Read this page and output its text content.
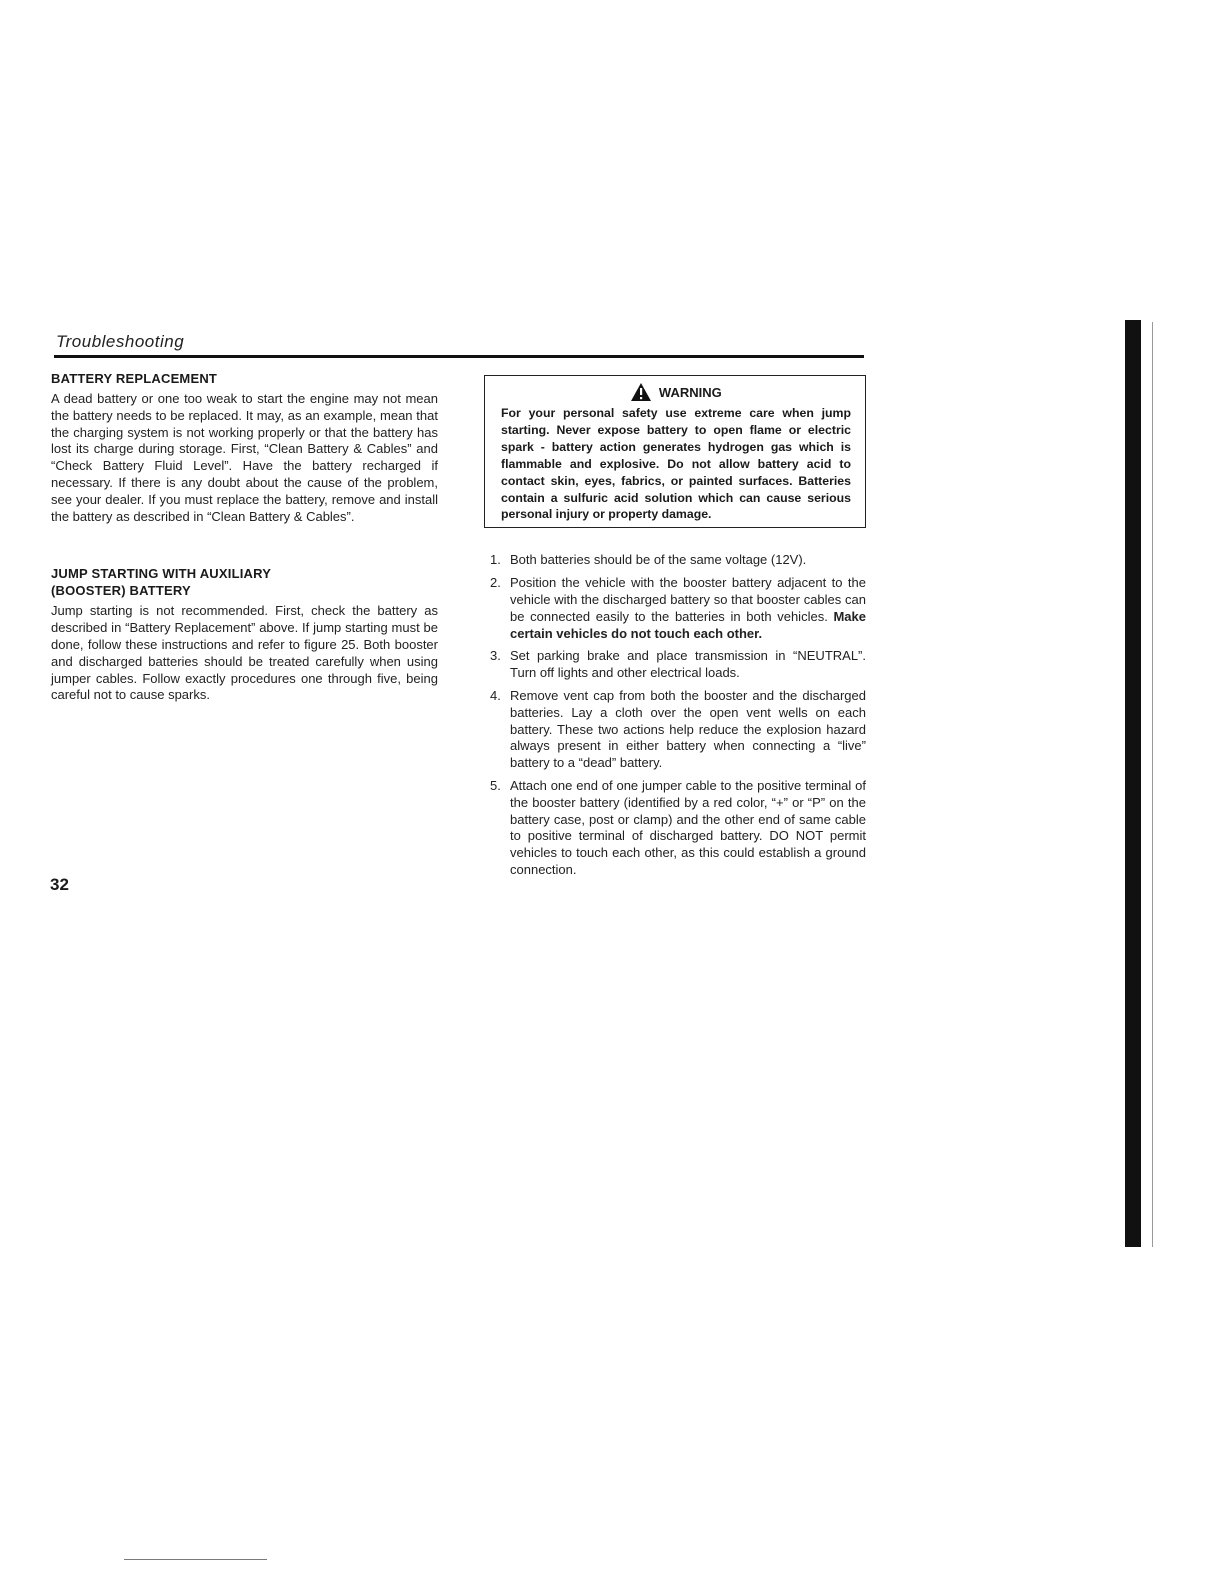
Troubleshooting
BATTERY REPLACEMENT

A dead battery or one too weak to start the engine may not mean the battery needs to be replaced. It may, as an example, mean that the charging system is not working properly or that the battery has lost its charge during storage. First, “Clean Battery & Cables” and “Check Battery Fluid Level”. Have the battery recharged if necessary. If there is any doubt about the cause of the problem, see your dealer. If you must replace the battery, remove and install the battery as described in “Clean Battery & Cables”.

JUMP STARTING WITH AUXILIARY
(BOOSTER) BATTERY

Jump starting is not recommended. First, check the battery as described in “Battery Replacement” above. If jump starting must be done, follow these instructions and refer to figure 25. Both booster and discharged batteries should be treated carefully when using jumper cables. Follow exactly procedures one through five, being careful not to cause sparks.

WARNING

For your personal safety use extreme care when jump starting. Never expose battery to open flame or electric spark - battery action generates hydrogen gas which is flammable and explosive. Do not allow battery acid to contact skin, eyes, fabrics, or painted surfaces. Batteries contain a sulfuric acid solution which can cause serious personal injury or property damage.

1. Both batteries should be of the same voltage (12V).
2. Position the vehicle with the booster battery adjacent to the vehicle with the discharged battery so that booster cables can be connected easily to the batteries in both vehicles. Make certain vehicles do not touch each other.
3. Set parking brake and place transmission in “NEUTRAL”. Turn off lights and other electrical loads.
4. Remove vent cap from both the booster and the discharged batteries. Lay a cloth over the open vent wells on each battery. These two actions help reduce the explosion hazard always present in either battery when connecting a “live” battery to a “dead” battery.
5. Attach one end of one jumper cable to the positive terminal of the booster battery (identified by a red color, “+” or “P” on the battery case, post or clamp) and the other end of same cable to positive terminal of discharged battery. DO NOT permit vehicles to touch each other, as this could establish a ground connection.
32
